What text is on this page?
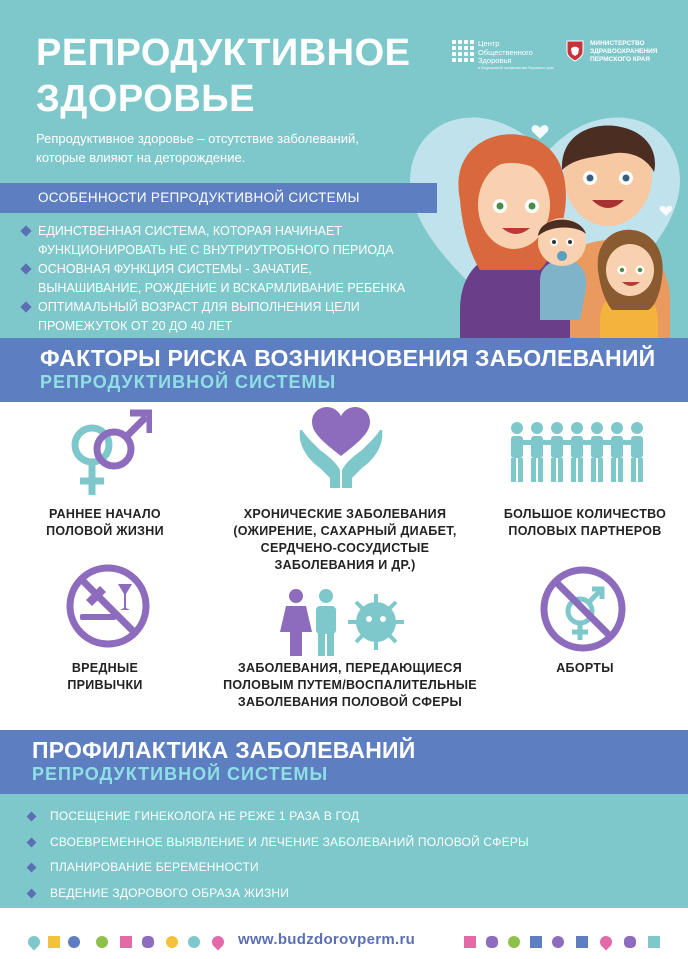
РЕПРОДУКТИВНОЕ
ЗДОРОВЬЕ
Репродуктивное здоровье – отсутствие заболеваний, которые влияют на деторождение.
Центр
Общественного
Здоровья
и Медицинской профилактики Пермского края
МИНИСТЕРСТВО
ЗДРАВООХРАНЕНИЯ
ПЕРМСКОГО КРАЯ
ОСОБЕННОСТИ РЕПРОДУКТИВНОЙ СИСТЕМЫ
ЕДИНСТВЕННАЯ СИСТЕМА, КОТОРАЯ НАЧИНАЕТ
ФУНКЦИОНИРОВАТЬ НЕ С ВНУТРИУТРОБНОГО ПЕРИОДА
ОСНОВНАЯ ФУНКЦИЯ СИСТЕМЫ - ЗАЧАТИЕ,
ВЫНАШИВАНИЕ, РОЖДЕНИЕ И ВСКАРМЛИВАНИЕ РЕБЕНКА
ОПТИМАЛЬНЫЙ ВОЗРАСТ ДЛЯ ВЫПОЛНЕНИЯ ЦЕЛИ
ПРОМЕЖУТОК ОТ 20 ДО 40 ЛЕТ
ФАКТОРЫ РИСКА ВОЗНИКНОВЕНИЯ ЗАБОЛЕВАНИЙ
РЕПРОДУКТИВНОЙ СИСТЕМЫ
РАННЕЕ НАЧАЛО
ПОЛОВОЙ ЖИЗНИ
ХРОНИЧЕСКИЕ ЗАБОЛЕВАНИЯ
(ОЖИРЕНИЕ, САХАРНЫЙ ДИАБЕТ,
СЕРДЧЕНО-СОСУДИСТЫЕ
ЗАБОЛЕВАНИЯ И ДР.)
БОЛЬШОЕ КОЛИЧЕСТВО
ПОЛОВЫХ ПАРТНЕРОВ
ВРЕДНЫЕ
ПРИВЫЧКИ
ЗАБОЛЕВАНИЯ, ПЕРЕДАЮЩИЕСЯ
ПОЛОВЫМ ПУТЕМ/ВОСПАЛИТЕЛЬНЫЕ
ЗАБОЛЕВАНИЯ ПОЛОВОЙ СФЕРЫ
АБОРТЫ
ПРОФИЛАКТИКА ЗАБОЛЕВАНИЙ
РЕПРОДУКТИВНОЙ СИСТЕМЫ
ПОСЕЩЕНИЕ ГИНЕКОЛОГА НЕ РЕЖЕ 1 РАЗА В ГОД
СВОЕВРЕМЕННОЕ ВЫЯВЛЕНИЕ И ЛЕЧЕНИЕ ЗАБОЛЕВАНИЙ ПОЛОВОЙ СФЕРЫ
ПЛАНИРОВАНИЕ БЕРЕМЕННОСТИ
ВЕДЕНИЕ ЗДОРОВОГО ОБРАЗА ЖИЗНИ
www.budzdorovperm.ru
